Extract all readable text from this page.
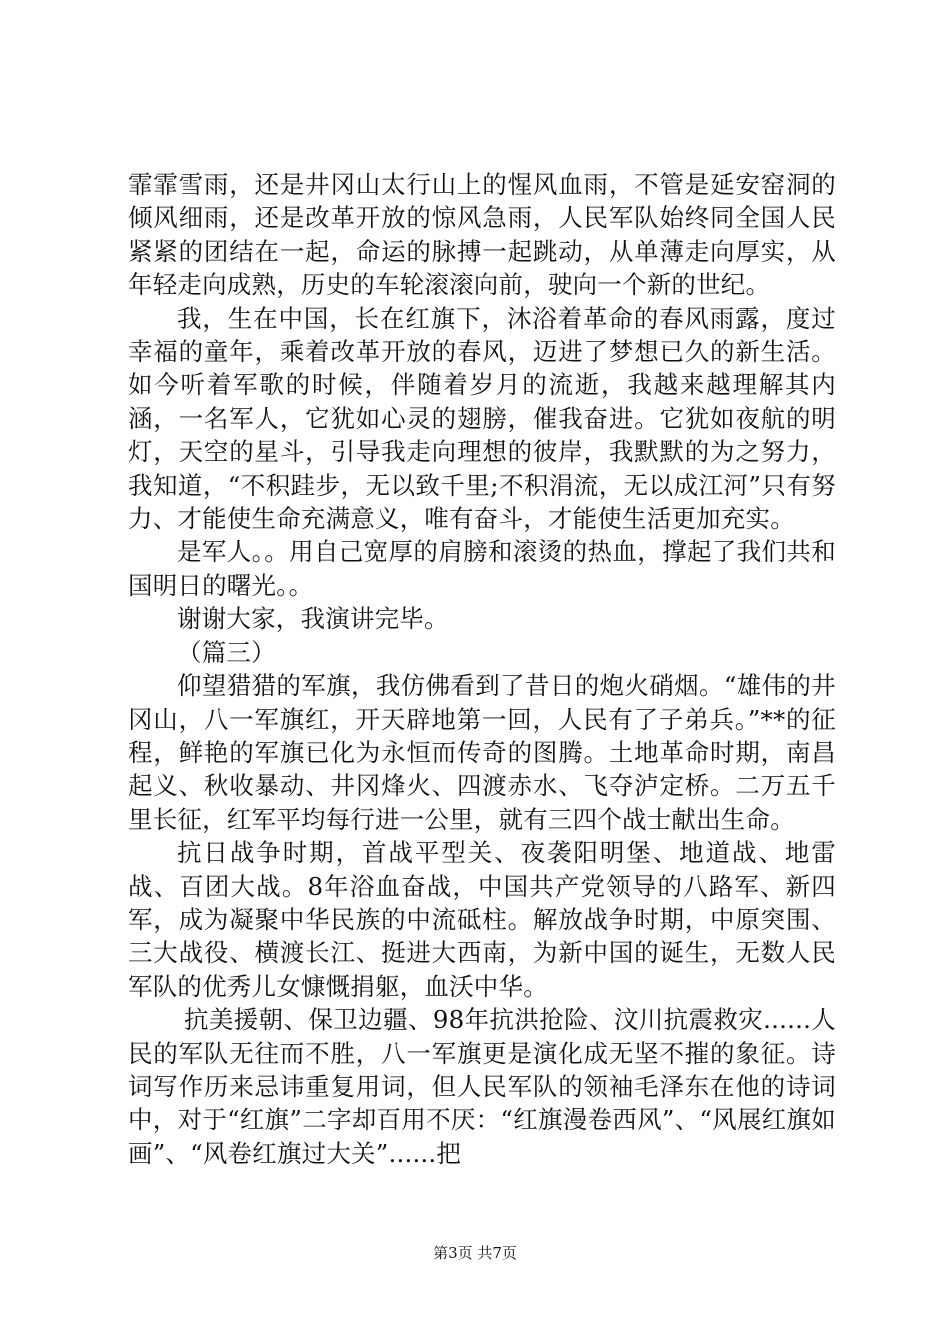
霏霏雪雨，还是井冈山太行山上的惺风血雨，不管是延安窑洞的倾风细雨，还是改革开放的惊风急雨，人民军队始终同全国人民紧紧的团结在一起，命运的脉搏一起跳动，从单薄走向厚实，从年轻走向成熟，历史的车轮滚滚向前，驶向一个新的世纪。

我，生在中国，长在红旗下，沐浴着革命的春风雨露，度过幸福的童年，乘着改革开放的春风，迈进了梦想已久的新生活。如今听着军歌的时候，伴随着岁月的流逝，我越来越理解其内涵，一名军人，它犹如心灵的翅膀，催我奋进。它犹如夜航的明灯，天空的星斗，引导我走向理想的彼岸，我默默的为之努力，我知道，“不积跬步，无以致千里;不积涓流，无以成江河”只有努力、才能使生命充满意义，唯有奋斗，才能使生活更加充实。

是军人。。用自己宽厚的肩膀和滚烫的热血，撑起了我们共和国明日的曙光。。

谢谢大家，我演讲完毕。

（篇三）

仰望猎猎的军旗，我仿佛看到了昔日的炮火硝烟。“雄伟的井冈山，八一军旗红，开天辟地第一回，人民有了子弟兵。”**的征程，鲜艳的军旗已化为永恒而传奇的图腾。土地革命时期，南昌起义、秋收暴动、井冈烽火、四渡赤水、飞夺泸定桥。二万五千里长征，红军平均每行进一公里，就有三四个战士献出生命。

抗日战争时期，首战平型关、夜袭阳明堡、地道战、地雷战、百团大战。8年浴血奋战，中国共产党领导的八路军、新四军，成为凝聚中华民族的中流砥柱。解放战争时期，中原突围、三大战役、横渡长江、挺进大西南，为新中国的诞生，无数人民军队的优秀儿女慷慨捐躯，血沃中华。

抗美援朝、保卫边疆、98年抗洪抢险、汶川抗震救灾......人民的军队无往而不胜，八一军旗更是演化成无坚不摧的象征。诗词写作历来忌讳重复用词，但人民军队的领袖毛泽东在他的诗词中，对于“红旗”二字却百用不厌：“红旗漫卷西风”、“风展红旗如画”、“风卷红旗过大关”......把

第3页 共7页
